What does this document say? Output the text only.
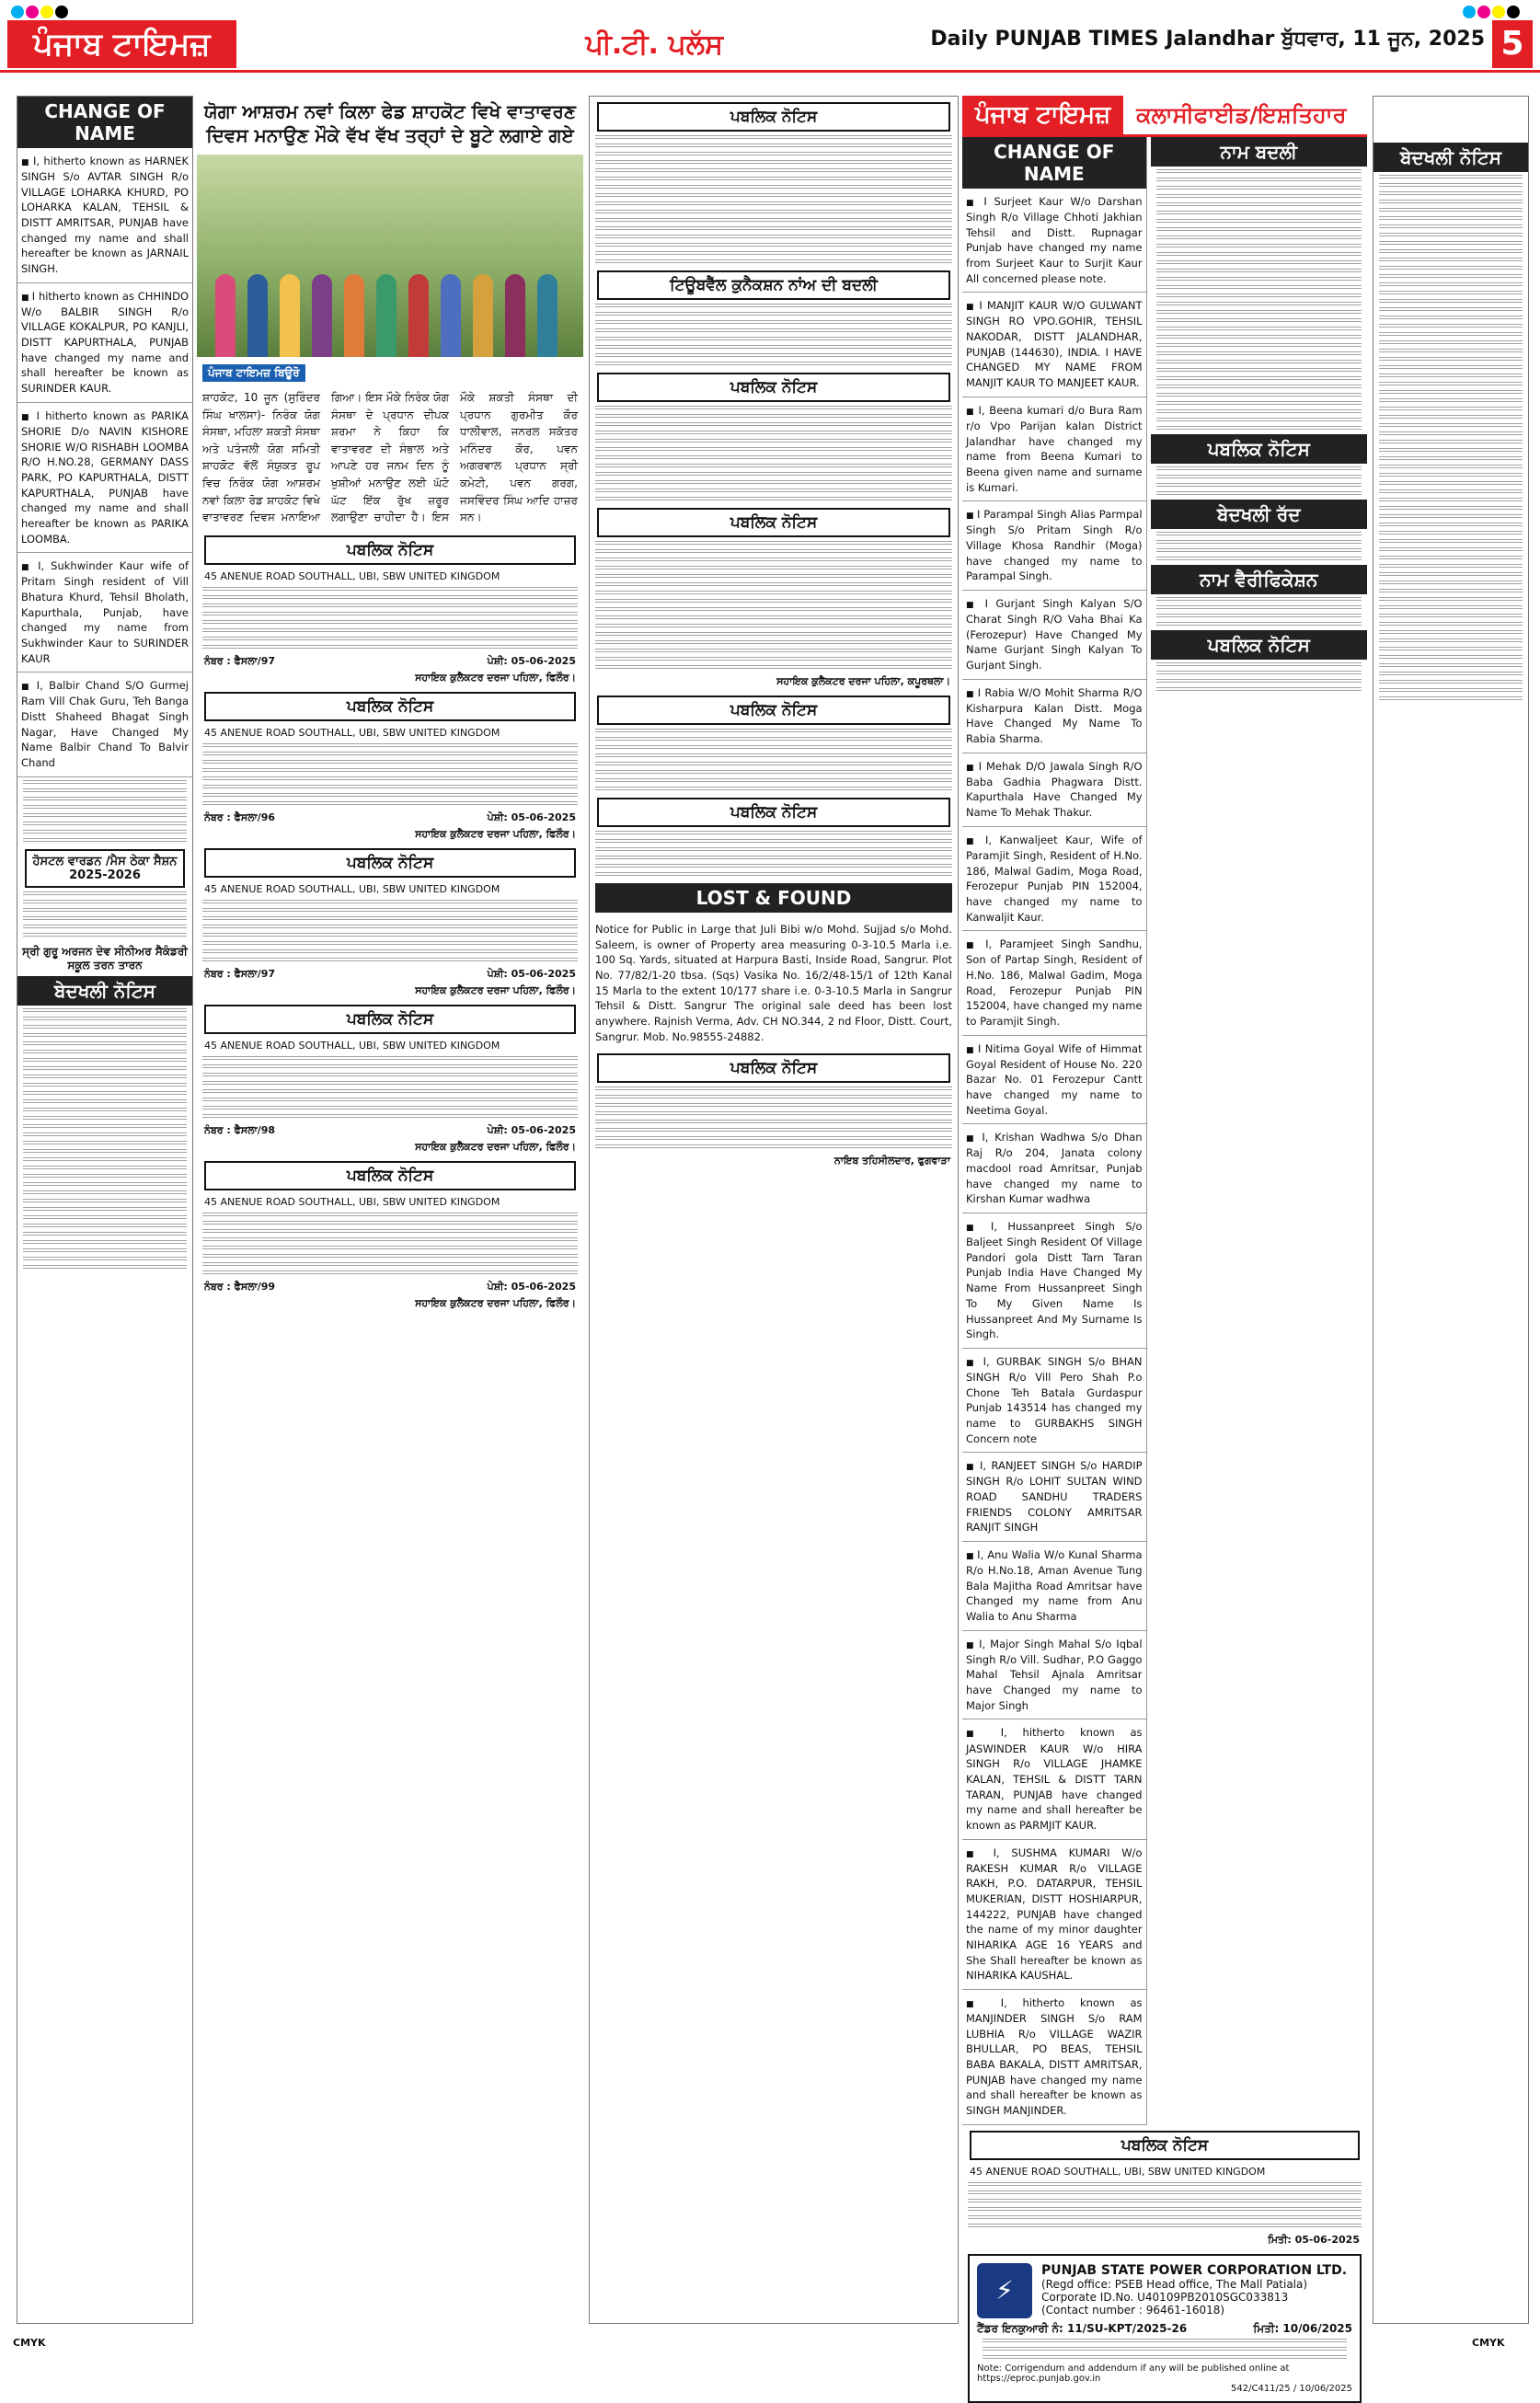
ਪੰਜਾਬ ਟਾਇਮਜ਼	ਪੀ.ਟੀ. ਪਲੱਸ	Daily PUNJAB TIMES Jalandhar ਬੁੱਧਵਾਰ, 11 ਜੂਨ, 2025 5
CHANGE OF NAME
■ I, hitherto known as HARNEK SINGH S/o AVTAR SINGH R/o VILLAGE LOHARKA KHURD, PO LOHARKA KALAN, TEHSIL & DISTT AMRITSAR, PUNJAB have changed my name and shall hereafter be known as JARNAIL SINGH.
■ I hitherto known as CHHINDO W/o BALBIR SINGH R/o VILLAGE KOKALPUR, PO KANJLI, DISTT KAPURTHALA, PUNJAB have changed my name and shall hereafter be known as SURINDER KAUR.
■ I hitherto known as PARIKA SHORIE D/o NAVIN KISHORE SHORIE W/O RISHABH LOOMBA R/O H.NO.28, GERMANY DASS PARK, PO KAPURTHALA, DISTT KAPURTHALA, PUNJAB have changed my name and shall hereafter be known as PARIKA LOOMBA.
■ I, Sukhwinder Kaur wife of Pritam Singh resident of Vill Bhatura Khurd, Tehsil Bholath, Kapurthala, Punjab, have changed my name from Sukhwinder Kaur to SURINDER KAUR
■ I, Balbir Chand S/O Gurmej Ram Vill Chak Guru, Teh Banga Distt Shaheed Bhagat Singh Nagar, Have Changed My Name Balbir Chand To Balvir Chand
ਹੋਸਟਲ ਵਾਰਡਨ /ਮੈਸ ਠੇਕਾ ਸੈਸ਼ਨ 2025-2026
ਸ੍ਰੀ ਗੁਰੂ ਅਰਜਨ ਦੇਵ ਸੀਨੀਅਰ ਸੈਕੰਡਰੀ ਸਕੂਲ ਤਰਨ ਤਾਰਨ
ਬੇਦਖਲੀ ਨੋਟਿਸ
ਯੋਗਾ ਆਸ਼ਰਮ ਨਵਾਂ ਕਿਲਾ ਫੇਡ ਸ਼ਾਹਕੋਟ ਵਿਖੇ ਵਾਤਾਵਰਣ ਦਿਵਸ ਮਨਾਉਣ ਮੌਕੇ ਵੱਖ ਵੱਖ ਤਰ੍ਹਾਂ ਦੇ ਬੂਟੇ ਲਗਾਏ ਗਏ
ਪੰਜਾਬ ਟਾਇਮਜ਼ ਬਿਊਰੋ
ਸ਼ਾਹਕੋਟ, 10 ਜੂਨ (ਸੁਰਿੰਦਰ ਸਿੰਘ ਖਾਲਸਾ)- ਨਿਰੰਕ ਯੋਗ ਸੰਸਥਾ, ਮਹਿਲਾ ਸ਼ਕਤੀ ਸੰਸਥਾ ਅਤੇ ਪਤੰਜਲੀ ਯੋਗ ਸਮਿਤੀ ਸ਼ਾਹਕੋਟ ਵੱਲੋਂ ਸੰਯੁਕਤ ਰੂਪ ਵਿਚ ਨਿਰੰਕ ਯੋਗ ਆਸ਼ਰਮ ਨਵਾਂ ਕਿਲਾ ਰੋਡ ਸ਼ਾਹਕੋਟ ਵਿਖੇ ਵਾਤਾਵਰਣ ਦਿਵਸ ਮਨਾਇਆ ਗਿਆ। ਇਸ ਮੌਕੇ ਨਿਰੰਕ ਯੋਗ ਸੰਸਥਾ ਦੇ ਪ੍ਰਧਾਨ ਦੀਪਕ ਸ਼ਰਮਾ ਨੇ ਕਿਹਾ ਕਿ ਵਾਤਾਵਰਣ ਦੀ ਸੰਭਾਲ ਅਤੇ ਆਪਣੇ ਹਰ ਜਨਮ ਦਿਨ ਨੂੰ ਖੁਸ਼ੀਆਂ ਮਨਾਉਣ ਲਈ ਘੱਟੋ ਘੱਟ ਇੱਕ ਰੁੱਖ ਜ਼ਰੂਰ ਲਗਾਉਣਾ ਚਾਹੀਦਾ ਹੈ। ਇਸ ਮੌਕੇ ਸ਼ਕਤੀ ਸੰਸਥਾ ਦੀ ਪ੍ਰਧਾਨ ਗੁਰਮੀਤ ਕੌਰ ਧਾਲੀਵਾਲ, ਜਨਰਲ ਸਕੱਤਰ ਮਨਿੰਦਰ ਕੌਰ, ਪਵਨ ਅਗਰਵਾਲ ਪ੍ਰਧਾਨ ਸ੍ਰੀ ਕਮੇਟੀ, ਪਵਨ ਗਰਗ, ਜਸਵਿੰਦਰ ਸਿੰਘ ਆਦਿ ਹਾਜ਼ਰ ਸਨ।
ਪਬਲਿਕ ਨੋਟਿਸ
45 ANENUE ROAD SOUTHALL, UBI, SBW UNITED KINGDOM
ਨੰਬਰ : ਫੈਸਲਾ/97	ਪੇਸ਼ੀ: 05-06-2025
ਸਹਾਇਕ ਕੁਲੈਕਟਰ ਦਰਜਾ ਪਹਿਲਾ, ਫਿਲੌਰ।
ਪਬਲਿਕ ਨੋਟਿਸ
45 ANENUE ROAD SOUTHALL, UBI, SBW UNITED KINGDOM
ਨੰਬਰ : ਫੈਸਲਾ/96	ਪੇਸ਼ੀ: 05-06-2025
ਸਹਾਇਕ ਕੁਲੈਕਟਰ ਦਰਜਾ ਪਹਿਲਾ, ਫਿਲੌਰ।
ਪਬਲਿਕ ਨੋਟਿਸ
45 ANENUE ROAD SOUTHALL, UBI, SBW UNITED KINGDOM
ਨੰਬਰ : ਫੈਸਲਾ/97	ਪੇਸ਼ੀ: 05-06-2025
ਸਹਾਇਕ ਕੁਲੈਕਟਰ ਦਰਜਾ ਪਹਿਲਾ, ਫਿਲੌਰ।
ਪਬਲਿਕ ਨੋਟਿਸ
45 ANENUE ROAD SOUTHALL, UBI, SBW UNITED KINGDOM
ਨੰਬਰ : ਫੈਸਲਾ/98	ਪੇਸ਼ੀ: 05-06-2025
ਸਹਾਇਕ ਕੁਲੈਕਟਰ ਦਰਜਾ ਪਹਿਲਾ, ਫਿਲੌਰ।
ਪਬਲਿਕ ਨੋਟਿਸ
45 ANENUE ROAD SOUTHALL, UBI, SBW UNITED KINGDOM
ਨੰਬਰ : ਫੈਸਲਾ/99	ਪੇਸ਼ੀ: 05-06-2025
ਸਹਾਇਕ ਕੁਲੈਕਟਰ ਦਰਜਾ ਪਹਿਲਾ, ਫਿਲੌਰ।
ਪਬਲਿਕ ਨੋਟਿਸ
ਟਿਊਬਵੈੱਲ ਕੁਨੈਕਸ਼ਨ ਨਾਂਅ ਦੀ ਬਦਲੀ
ਪਬਲਿਕ ਨੋਟਿਸ
ਪਬਲਿਕ ਨੋਟਿਸ
ਸਹਾਇਕ ਕੁਲੈਕਟਰ ਦਰਜਾ ਪਹਿਲਾ, ਕਪੂਰਥਲਾ।
ਪਬਲਿਕ ਨੋਟਿਸ
ਪਬਲਿਕ ਨੋਟਿਸ
LOST & FOUND
Notice for Public in Large that Juli Bibi w/o Mohd. Sujjad s/o Mohd. Saleem, is owner of Property area measuring 0-3-10.5 Marla i.e. 100 Sq. Yards, situated at Harpura Basti, Inside Road, Sangrur. Plot No. 77/82/1-20 tbsa. (Sqs) Vasika No. 16/2/48-15/1 of 12th Kanal 15 Marla to the extent 10/177 share i.e. 0-3-10.5 Marla in Sangrur Tehsil & Distt. Sangrur The original sale deed has been lost anywhere. Rajnish Verma, Adv. CH NO.344, 2 nd Floor, Distt. Court, Sangrur. Mob. No.98555-24882.
ਪਬਲਿਕ ਨੋਟਿਸ
ਨਾਇਬ ਤਹਿਸੀਲਦਾਰ, ਫੁਗਵਾੜਾ
ਪੰਜਾਬ ਟਾਇਮਜ਼	ਕਲਾਸੀਫਾਈਡ/ਇਸ਼ਤਿਹਾਰ
CHANGE OF NAME
■ I Surjeet Kaur W/o Darshan Singh R/o Village Chhoti Jakhian Tehsil and Distt. Rupnagar Punjab have changed my name from Surjeet Kaur to Surjit Kaur All concerned please note.
■ I MANJIT KAUR W/O GULWANT SINGH RO VPO.GOHIR, TEHSIL NAKODAR, DISTT JALANDHAR, PUNJAB (144630), INDIA. I HAVE CHANGED MY NAME FROM MANJIT KAUR TO MANJEET KAUR.
■ I, Beena kumari d/o Bura Ram r/o Vpo Parijan kalan District Jalandhar have changed my name from Beena Kumari to Beena given name and surname is Kumari.
■ I Parampal Singh Alias Parmpal Singh S/o Pritam Singh R/o Village Khosa Randhir (Moga) have changed my name to Parampal Singh.
■ I Gurjant Singh Kalyan S/O Charat Singh R/O Vaha Bhai Ka (Ferozepur) Have Changed My Name Gurjant Singh Kalyan To Gurjant Singh.
■ I Rabia W/O Mohit Sharma R/O Kisharpura Kalan Distt. Moga Have Changed My Name To Rabia Sharma.
■ I Mehak D/O Jawala Singh R/O Baba Gadhia Phagwara Distt. Kapurthala Have Changed My Name To Mehak Thakur.
■ I, Kanwaljeet Kaur, Wife of Paramjit Singh, Resident of H.No. 186, Malwal Gadim, Moga Road, Ferozepur Punjab PIN 152004, have changed my name to Kanwaljit Kaur.
■ I, Paramjeet Singh Sandhu, Son of Partap Singh, Resident of H.No. 186, Malwal Gadim, Moga Road, Ferozepur Punjab PIN 152004, have changed my name to Paramjit Singh.
■ I Nitima Goyal Wife of Himmat Goyal Resident of House No. 220 Bazar No. 01 Ferozepur Cantt have changed my name to Neetima Goyal.
■ I, Krishan Wadhwa S/o Dhan Raj R/o 204, Janata colony macdool road Amritsar, Punjab have changed my name to Kirshan Kumar wadhwa
■ I, Hussanpreet Singh S/o Baljeet Singh Resident Of Village Pandori gola Distt Tarn Taran Punjab India Have Changed My Name From Hussanpreet Singh To My Given Name Is Hussanpreet And My Surname Is Singh.
■ I, GURBAK SINGH S/o BHAN SINGH R/o Vill Pero Shah P.o Chone Teh Batala Gurdaspur Punjab 143514 has changed my name to GURBAKHS SINGH Concern note
■ I, RANJEET SINGH S/o HARDIP SINGH R/o LOHIT SULTAN WIND ROAD SANDHU TRADERS FRIENDS COLONY AMRITSAR RANJIT SINGH
■ I, Anu Walia W/o Kunal Sharma R/o H.No.18, Aman Avenue Tung Bala Majitha Road Amritsar have Changed my name from Anu Walia to Anu Sharma
■ I, Major Singh Mahal S/o Iqbal Singh R/o Vill. Sudhar, P.O Gaggo Mahal Tehsil Ajnala Amritsar have Changed my name to Major Singh
■ I, hitherto known as JASWINDER KAUR W/o HIRA SINGH R/o VILLAGE JHAMKE KALAN, TEHSIL & DISTT TARN TARAN, PUNJAB have changed my name and shall hereafter be known as PARMJIT KAUR.
■ I, SUSHMA KUMARI W/o RAKESH KUMAR R/o VILLAGE RAKH, P.O. DATARPUR, TEHSIL MUKERIAN, DISTT HOSHIARPUR, 144222, PUNJAB have changed the name of my minor daughter NIHARIKA AGE 16 YEARS and She Shall hereafter be known as NIHARIKA KAUSHAL.
■ I, hitherto known as MANJINDER SINGH S/o RAM LUBHIA R/o VILLAGE WAZIR BHULLAR, PO BEAS, TEHSIL BABA BAKALA, DISTT AMRITSAR, PUNJAB have changed my name and shall hereafter be known as SINGH MANJINDER.
ਨਾਮ ਬਦਲੀ
ਪਬਲਿਕ ਨੋਟਿਸ
ਬੇਦਖਲੀ ਰੱਦ
ਨਾਮ ਵੈਰੀਫਿਕੇਸ਼ਨ
ਪਬਲਿਕ ਨੋਟਿਸ
ਪਬਲਿਕ ਨੋਟਿਸ
45 ANENUE ROAD SOUTHALL, UBI, SBW UNITED KINGDOM
ਮਿਤੀ: 05-06-2025
⚡
PUNJAB STATE POWER CORPORATION LTD.
(Regd office: PSEB Head office, The Mall Patiala)
Corporate ID.No. U40109PB2010SGC033813
(Contact number : 96461-16018)
ਟੈਂਡਰ ਇਨਕੁਆਰੀ ਨੰ: 11/SU-KPT/2025-26	ਮਿਤੀ: 10/06/2025
Note: Corrigendum and addendum if any will be published online at https://eproc.punjab.gov.in
542/C411/25 / 10/06/2025
ਬੇਦਖਲੀ ਨੋਟਿਸ
CMYK	CMYK
